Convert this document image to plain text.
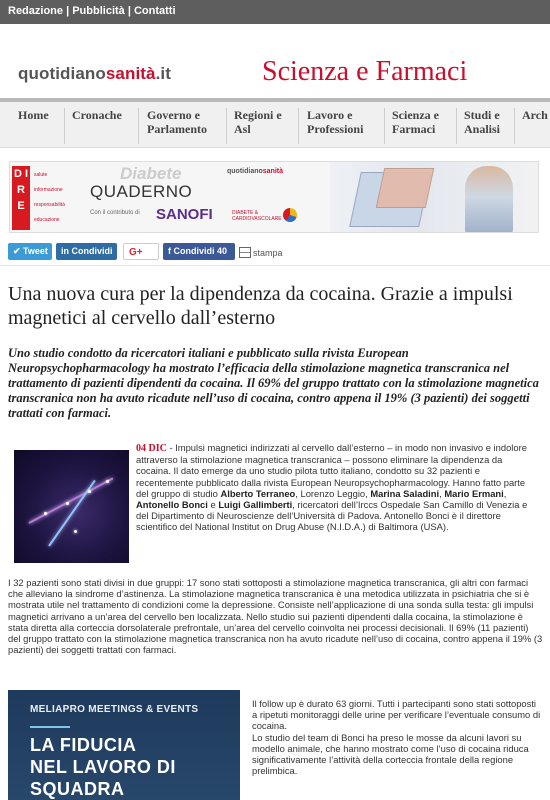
Redazione | Pubblicità | Contatti
quotidianosanità.it	Scienza e Farmaci
Home Cronache Governo e
Parlamento
Regioni e
Asl
Lavoro e
Professioni
Scienza e
Farmaci
Studi e
Analisi
Arch
D I R E
salute
informazione
responsabilità
educazione
Diabete
QUADERNO
Con il contributo di SANOFI	DIABETE &
CARDIOVASCOLARE
quotidianosanità
✔ Tweet	in Condividi	G+	f Condividi 40	stampa
Una nuova cura per la dipendenza da cocaina. Grazie a impulsi magnetici al cervello dall’esterno

Uno studio condotto da ricercatori italiani e pubblicato sulla rivista European Neuropsychopharmacology ha mostrato l’efficacia della stimolazione magnetica transcranica nel trattamento di pazienti dipendenti da cocaina. Il 69% del gruppo trattato con la stimolazione magnetica transcranica non ha avuto ricadute nell’uso di cocaina, contro appena il 19% (3 pazienti) dei soggetti trattati con farmaci.

04 DIC - Impulsi magnetici indirizzati al cervello dall’esterno – in modo non invasivo e indolore attraverso la stimolazione magnetica transcranica – possono eliminare la dipendenza da cocaina. Il dato emerge da uno studio pilota tutto italiano, condotto su 32 pazienti e recentemente pubblicato dalla rivista European Neuropsychopharmacology. Hanno fatto parte del gruppo di studio Alberto Terraneo, Lorenzo Leggio, Marina Saladini, Mario Ermani, Antonello Bonci e Luigi Gallimberti, ricercatori dell’Irccs Ospedale San Camillo di Venezia e del Dipartimento di Neuroscienze dell’Università di Padova. Antonello Bonci è il direttore scientifico del National Institut on Drug Abuse (N.I.D.A.) di Baltimora (USA).

I 32 pazienti sono stati divisi in due gruppi: 17 sono stati sottoposti a stimolazione magnetica transcranica, gli altri con farmaci che alleviano la sindrome d’astinenza. La stimolazione magnetica transcranica è una metodica utilizzata in psichiatria che si è mostrata utile nel trattamento di condizioni come la depressione. Consiste nell’applicazione di una sonda sulla testa: gli impulsi magnetici arrivano a un’area del cervello ben localizzata. Nello studio sui pazienti dipendenti dalla cocaina, la stimolazione è stata diretta alla corteccia dorsolaterale prefrontale, un’area del cervello coinvolta nei processi decisionali. Il 69% (11 pazienti) del gruppo trattato con la stimolazione magnetica transcranica non ha avuto ricadute nell’uso di cocaina, contro appena il 19% (3 pazienti) dei soggetti trattati con farmaci.

MELIAPRO MEETINGS & EVENTS
LA FIDUCIA
NEL LAVORO DI
SQUADRA

Il follow up è durato 63 giorni. Tutti i partecipanti sono stati sottoposti a ripetuti monitoraggi delle urine per verificare l’eventuale consumo di cocaina.

Lo studio del team di Bonci ha preso le mosse da alcuni lavori su modello animale, che hanno mostrato come l’uso di cocaina riduca significativamente l’attività della corteccia frontale della regione prelimbica.
